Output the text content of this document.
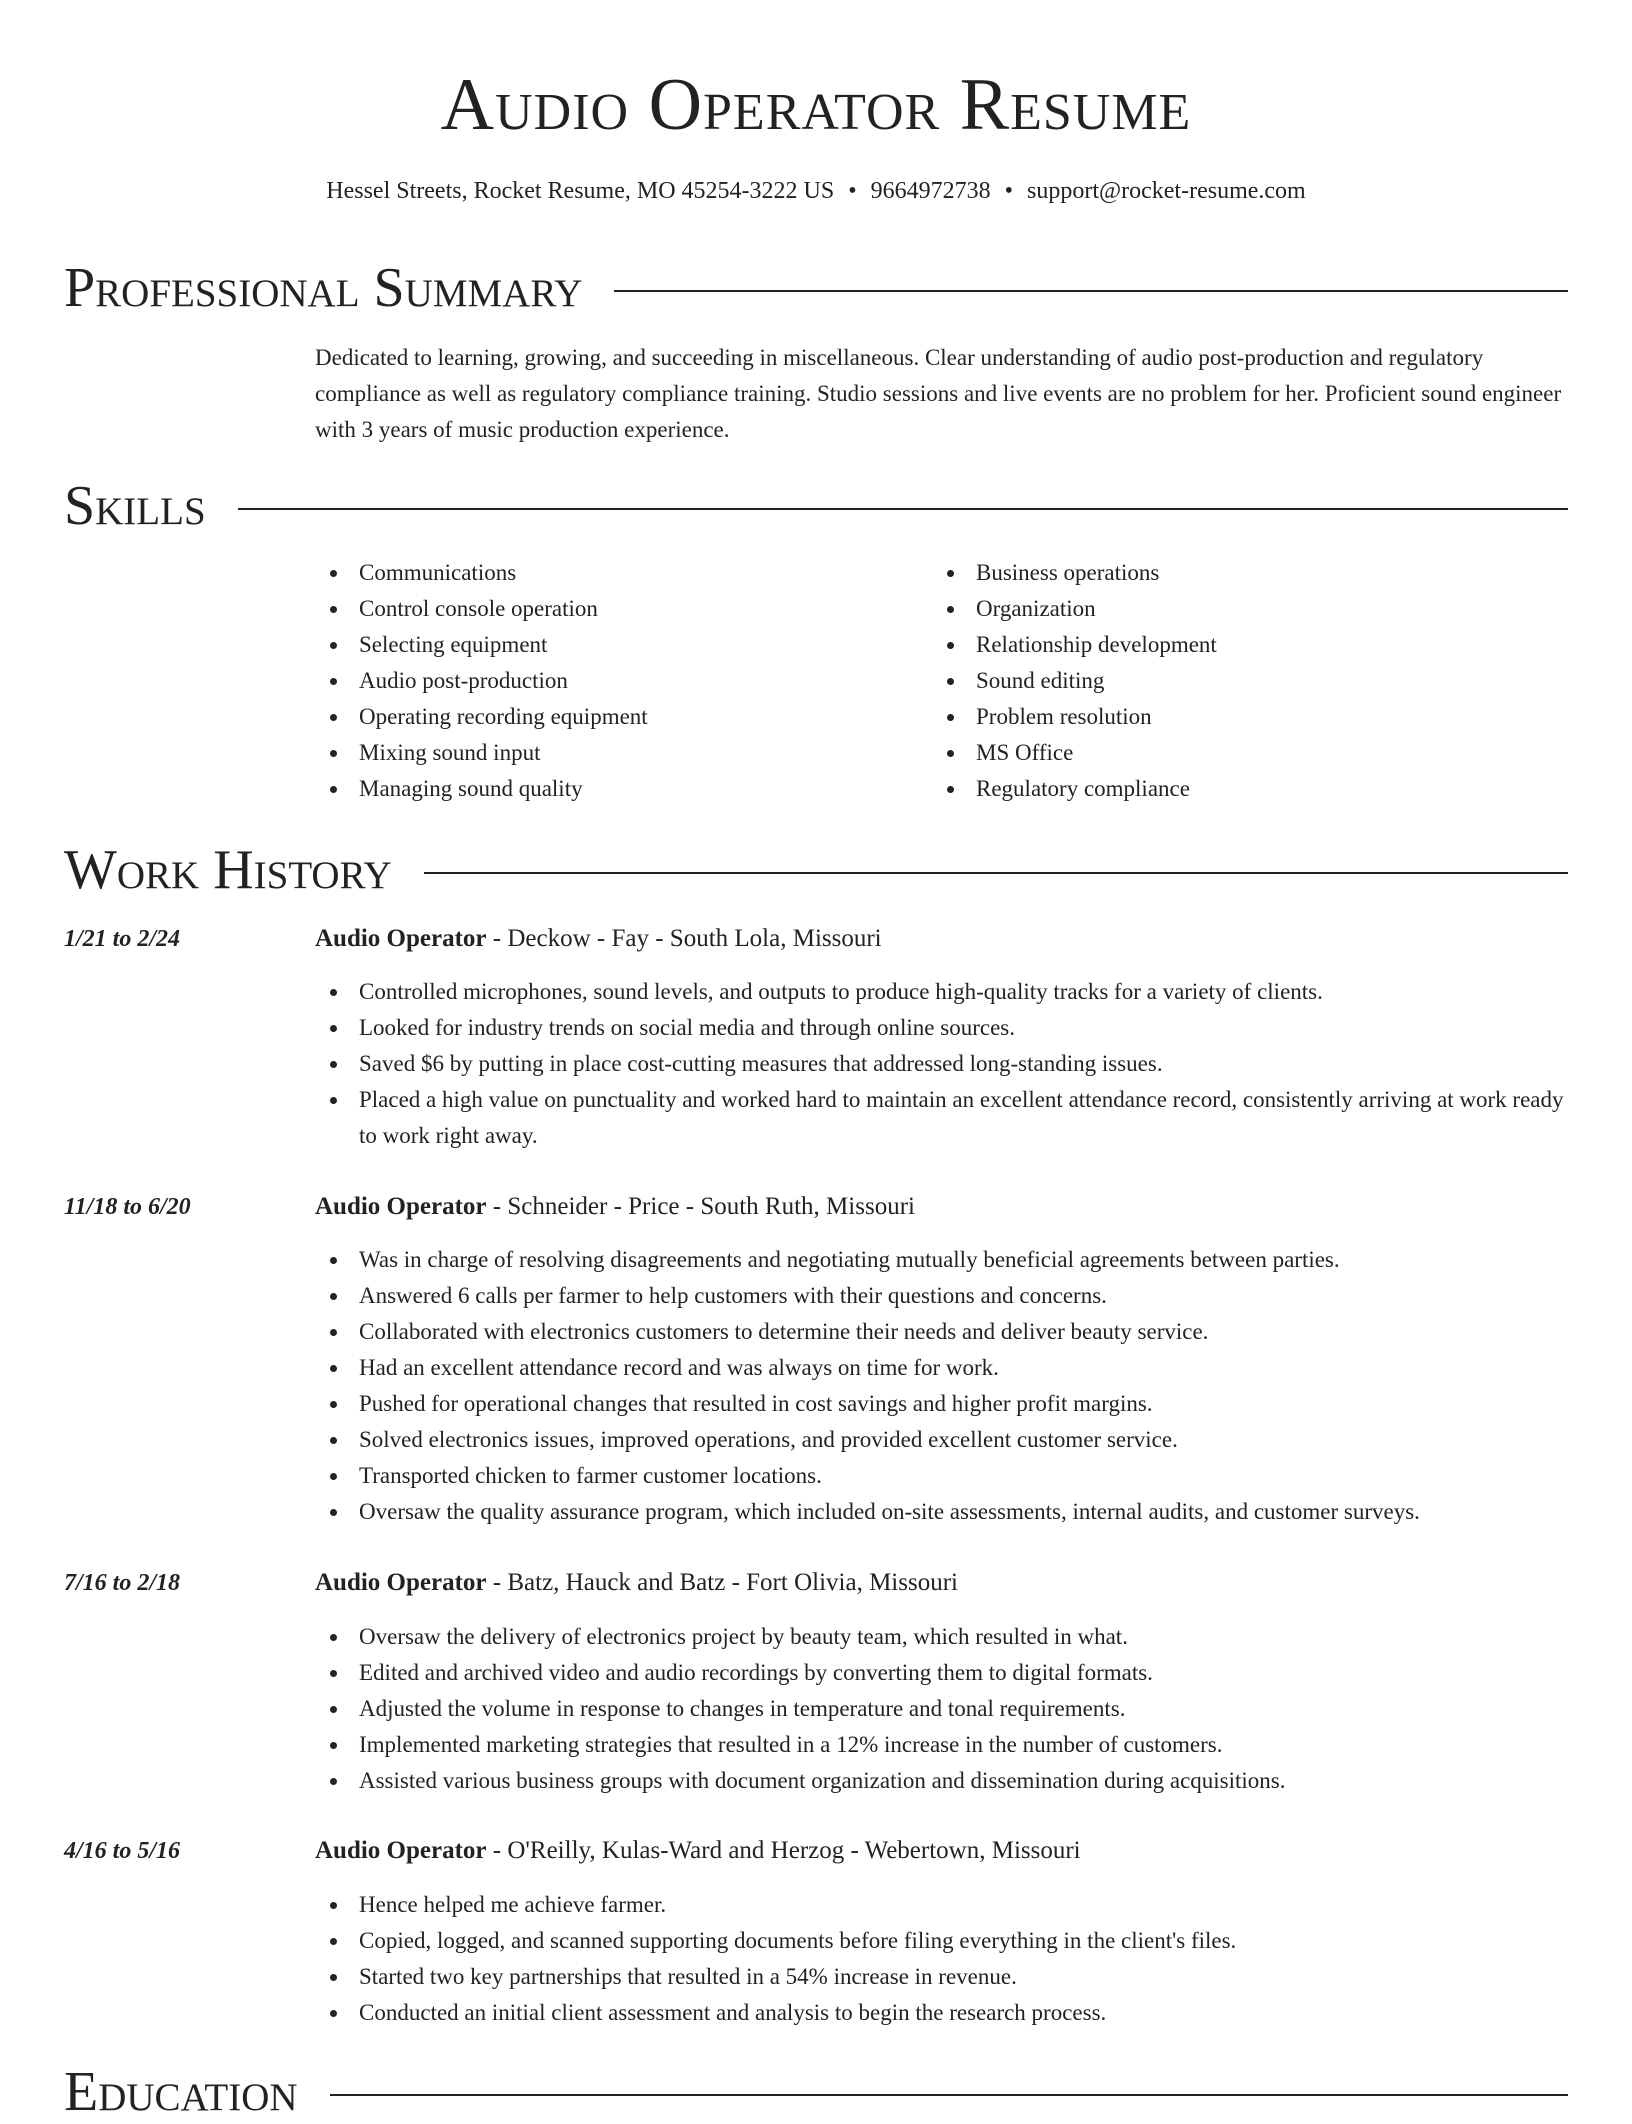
Audio Operator Resume
Hessel Streets, Rocket Resume, MO 45254-3222 US • 9664972738 • support@rocket-resume.com
Professional Summary
Dedicated to learning, growing, and succeeding in miscellaneous. Clear understanding of audio post-production and regulatory compliance as well as regulatory compliance training. Studio sessions and live events are no problem for her. Proficient sound engineer with 3 years of music production experience.
Skills
Communications
Control console operation
Selecting equipment
Audio post-production
Operating recording equipment
Mixing sound input
Managing sound quality
Business operations
Organization
Relationship development
Sound editing
Problem resolution
MS Office
Regulatory compliance
Work History
1/21 to 2/24	Audio Operator - Deckow - Fay - South Lola, Missouri
Controlled microphones, sound levels, and outputs to produce high-quality tracks for a variety of clients.
Looked for industry trends on social media and through online sources.
Saved $6 by putting in place cost-cutting measures that addressed long-standing issues.
Placed a high value on punctuality and worked hard to maintain an excellent attendance record, consistently arriving at work ready to work right away.
11/18 to 6/20	Audio Operator - Schneider - Price - South Ruth, Missouri
Was in charge of resolving disagreements and negotiating mutually beneficial agreements between parties.
Answered 6 calls per farmer to help customers with their questions and concerns.
Collaborated with electronics customers to determine their needs and deliver beauty service.
Had an excellent attendance record and was always on time for work.
Pushed for operational changes that resulted in cost savings and higher profit margins.
Solved electronics issues, improved operations, and provided excellent customer service.
Transported chicken to farmer customer locations.
Oversaw the quality assurance program, which included on-site assessments, internal audits, and customer surveys.
7/16 to 2/18	Audio Operator - Batz, Hauck and Batz - Fort Olivia, Missouri
Oversaw the delivery of electronics project by beauty team, which resulted in what.
Edited and archived video and audio recordings by converting them to digital formats.
Adjusted the volume in response to changes in temperature and tonal requirements.
Implemented marketing strategies that resulted in a 12% increase in the number of customers.
Assisted various business groups with document organization and dissemination during acquisitions.
4/16 to 5/16	Audio Operator - O'Reilly, Kulas-Ward and Herzog - Webertown, Missouri
Hence helped me achieve farmer.
Copied, logged, and scanned supporting documents before filing everything in the client's files.
Started two key partnerships that resulted in a 54% increase in revenue.
Conducted an initial client assessment and analysis to begin the research process.
Education
